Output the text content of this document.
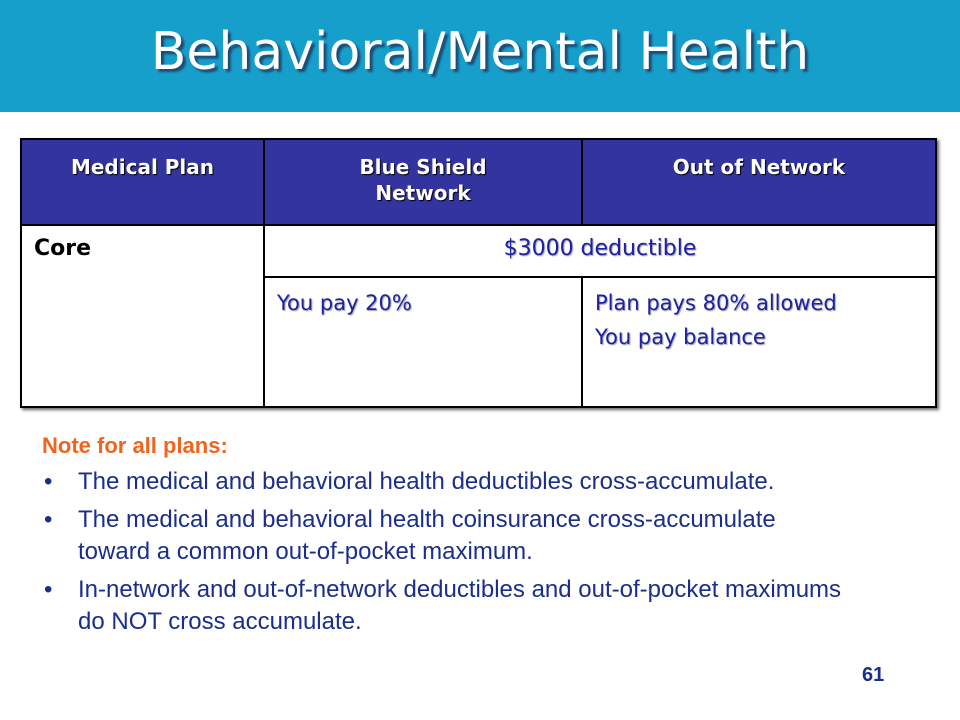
Behavioral/Mental Health
Medical Plan	Blue Shield Network	Out of Network
Core	$3000 deductible	

	You pay 20%	Plan pays 80% allowed
You pay balance
Note for all plans:
• The medical and behavioral health deductibles cross-accumulate.
• The medical and behavioral health coinsurance cross-accumulate toward a common out-of-pocket maximum.
• In-network and out-of-network deductibles and out-of-pocket maximums do NOT cross accumulate.
61
